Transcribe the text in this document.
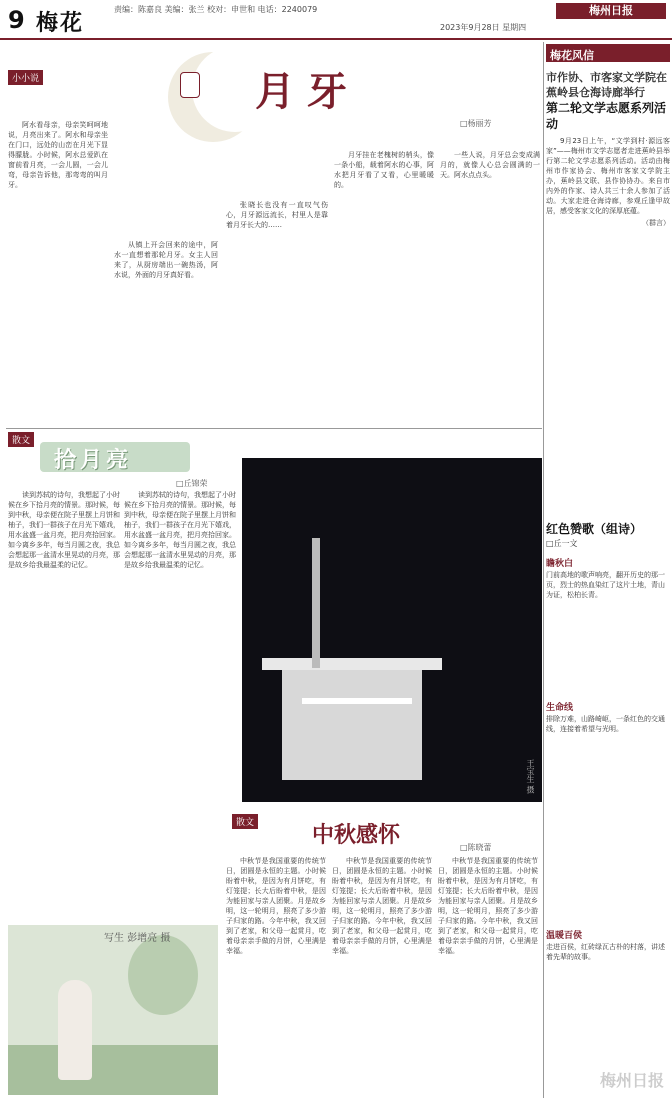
9 梅花
责编：陈嘉良 美编：张兰 校对：申世和 电话：2240079	梅州日报
2023年9月28日 星期四
小小说	月牙
□杨丽芳

阿水看母亲，母亲笑呵呵地说，月亮出来了。阿水和母亲坐在门口，远处的山峦在月光下显得朦胧。小时候，阿水总爱趴在窗前看月亮，一会儿圆，一会儿弯，母亲告诉他，那弯弯的叫月牙。

从镇上开会回来的途中，阿水一直想着那轮月牙。女主人回来了，从厨房端出一碗热汤，阿水说，外面的月牙真好看。

张晓长也没有一直叹气伤心，月牙源远流长，村里人是靠着月牙长大的……

月牙挂在老槐树的梢头，像一条小船，载着阿水的心事，阿水把月牙看了又看，心里暖暖的。

一些人说，月牙总会变成满月的，就像人心总会圆满的一天。阿水点点头。

梅花风信
市作协、市客家文学院在蕉岭县仓海诗廊举行
第二轮文学志愿系列活动

9月23日上午，“文学到村·源远客家”——梅州市文学志愿者走进蕉岭县举行第二轮文学志愿系列活动。活动由梅州市作家协会、梅州市客家文学院主办，蕉岭县文联、县作协协办。来自市内外的作家、诗人共三十余人参加了活动。大家走进仓海诗廊，参观丘逢甲故居，感受客家文化的深厚底蕴。

（群言）

散文
拾月亮
□丘锦荣

读到苏轼的诗句，我想起了小时候在乡下拾月亮的情景。那时候，每到中秋，母亲便在院子里摆上月饼和柚子，我们一群孩子在月光下嬉戏，用水盆盛一盆月亮，把月亮拾回家。如今离乡多年，每当月圆之夜，我总会想起那一盆清水里晃动的月亮，那是故乡给我最温柔的记忆。

读到苏轼的诗句，我想起了小时候在乡下拾月亮的情景。那时候，每到中秋，母亲便在院子里摆上月饼和柚子，我们一群孩子在月光下嬉戏，用水盆盛一盆月亮，把月亮拾回家。如今离乡多年，每当月圆之夜，我总会想起那一盆清水里晃动的月亮，那是故乡给我最温柔的记忆。

王宝生 摄
散文	中秋感怀	□陈晓蕾

中秋节是我国重要的传统节日，团圆是永恒的主题。小时候盼着中秋，是因为有月饼吃，有灯笼提；长大后盼着中秋，是因为能回家与亲人团聚。月是故乡明，这一轮明月，照亮了多少游子归家的路。今年中秋，我又回到了老家，和父母一起赏月，吃着母亲亲手做的月饼，心里满是幸福。

中秋节是我国重要的传统节日，团圆是永恒的主题。小时候盼着中秋，是因为有月饼吃，有灯笼提；长大后盼着中秋，是因为能回家与亲人团聚。月是故乡明，这一轮明月，照亮了多少游子归家的路。今年中秋，我又回到了老家，和父母一起赏月，吃着母亲亲手做的月饼，心里满是幸福。

中秋节是我国重要的传统节日，团圆是永恒的主题。小时候盼着中秋，是因为有月饼吃，有灯笼提；长大后盼着中秋，是因为能回家与亲人团聚。月是故乡明，这一轮明月，照亮了多少游子归家的路。今年中秋，我又回到了老家，和父母一起赏月，吃着母亲亲手做的月饼，心里满是幸福。

写生 彭增亮 摄
红色赞歌（组诗）
□丘一文
瞻秋白
门前高地的歌声响亮，翻开历史的那一页，烈士的热血染红了这片土地，青山为证，松柏长青。
生命线
排除万难，山路崎岖，一条红色的交通线，连接着希望与光明。
温暖百侯
走进百侯，红砖绿瓦古朴的村落，讲述着先辈的故事。
梅州日报
